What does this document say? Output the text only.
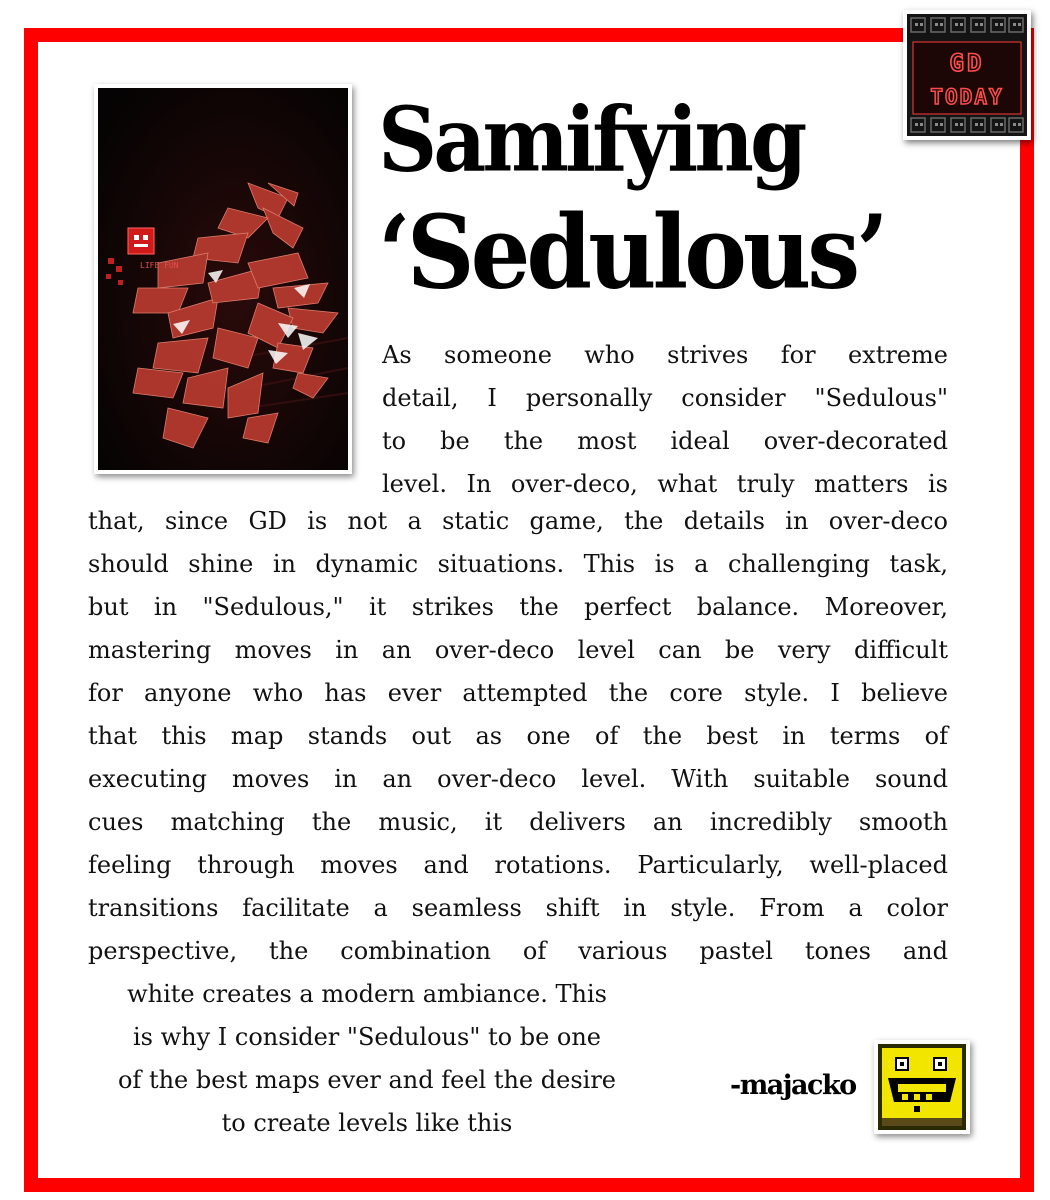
GD
TODAY
LIFE FUN
Samifying
‘Sedulous’
As someone who strives for extreme
detail, I personally consider "Sedulous"
to be the most ideal over-decorated
level. In over-deco, what truly matters is
that, since GD is not a static game, the details in over-deco
should shine in dynamic situations. This is a challenging task,
but in "Sedulous," it strikes the perfect balance. Moreover,
mastering moves in an over-deco level can be very difficult
for anyone who has ever attempted the core style. I believe
that this map stands out as one of the best in terms of
executing moves in an over-deco level. With suitable sound
cues matching the music, it delivers an incredibly smooth
feeling through moves and rotations. Particularly, well-placed
transitions facilitate a seamless shift in style. From a color
perspective, the combination of various pastel tones and
white creates a modern ambiance. This
is why I consider "Sedulous" to be one
of the best maps ever and feel the desire
to create levels like this
-majacko
